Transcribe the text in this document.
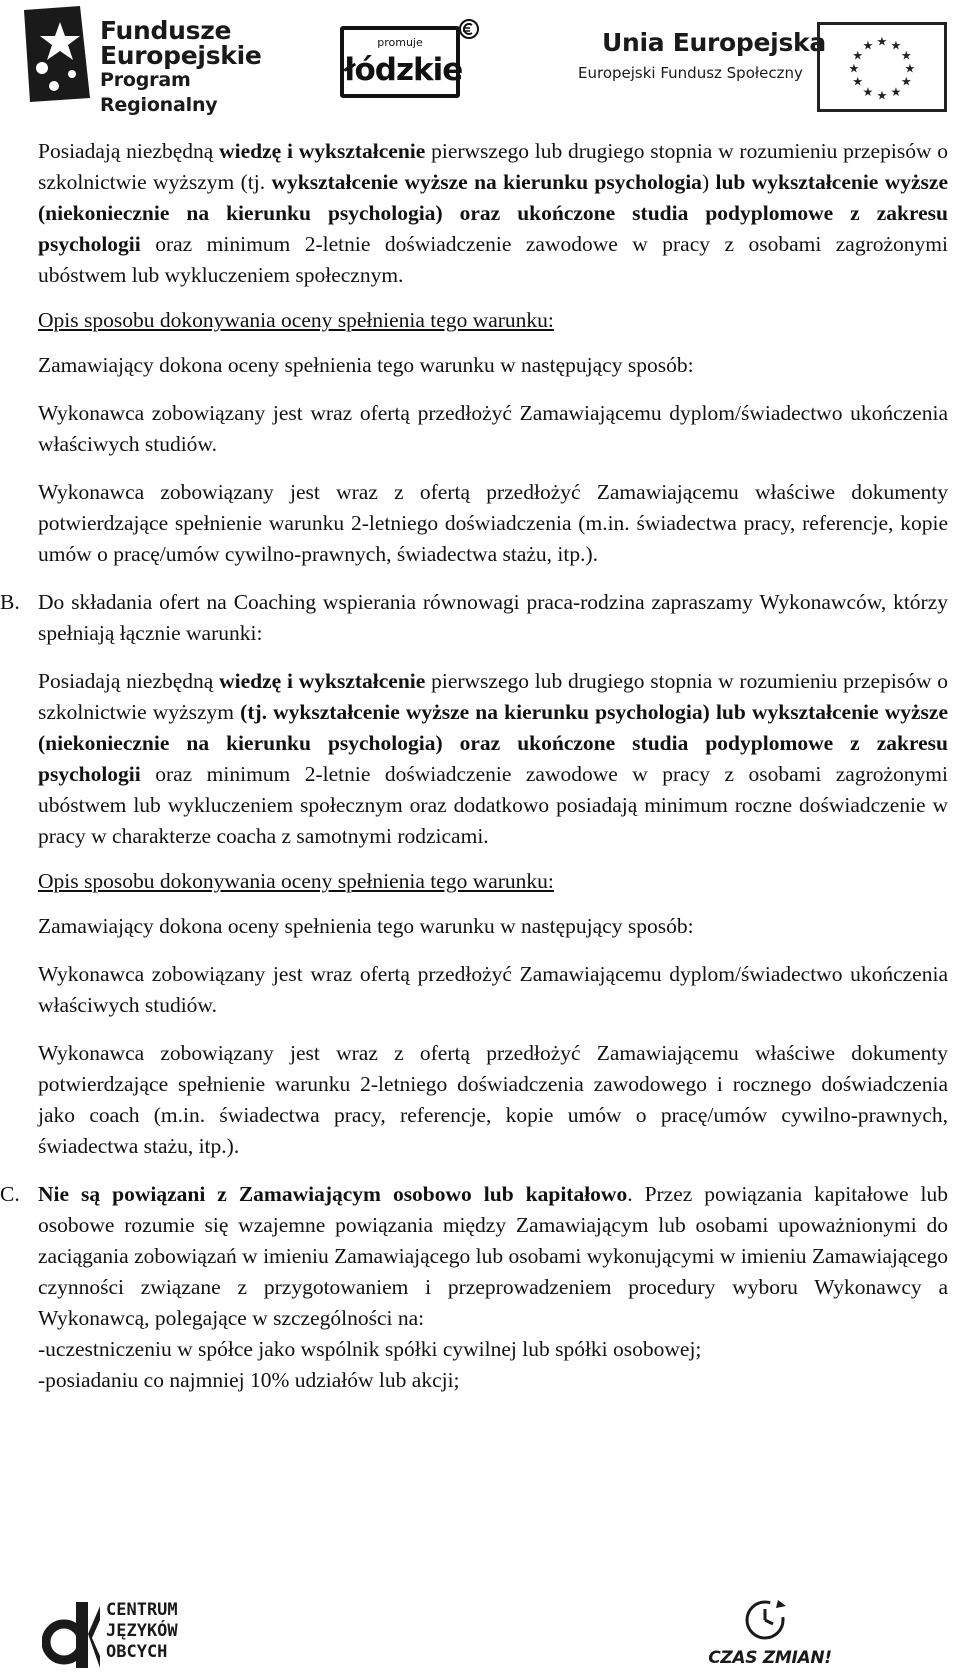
Fundusze
Europejskie
Program Regionalny
promuje
łódzkie
Unia Europejska
Europejski Fundusz Społeczny
★ ★
★
★
★
★
★
★
★
★
★
★

Posiadają niezbędną wiedzę i wykształcenie pierwszego lub drugiego stopnia w rozumieniu przepisów o szkolnictwie wyższym (tj. wykształcenie wyższe na kierunku psychologia) lub wykształcenie wyższe (niekoniecznie na kierunku psychologia) oraz ukończone studia podyplomowe z zakresu psychologii oraz minimum 2-letnie doświadczenie zawodowe w pracy z osobami zagrożonymi ubóstwem lub wykluczeniem społecznym.

Opis sposobu dokonywania oceny spełnienia tego warunku:

Zamawiający dokona oceny spełnienia tego warunku w następujący sposób:

Wykonawca zobowiązany jest wraz ofertą przedłożyć Zamawiającemu dyplom/świadectwo ukończenia właściwych studiów.

Wykonawca zobowiązany jest wraz z ofertą przedłożyć Zamawiającemu właściwe dokumenty potwierdzające spełnienie warunku 2-letniego doświadczenia (m.in. świadectwa pracy, referencje, kopie umów o pracę/umów cywilno-prawnych, świadectwa stażu, itp.).

B. Do składania ofert na Coaching wspierania równowagi praca-rodzina zapraszamy Wykonawców, którzy spełniają łącznie warunki:

Posiadają niezbędną wiedzę i wykształcenie pierwszego lub drugiego stopnia w rozumieniu przepisów o szkolnictwie wyższym (tj. wykształcenie wyższe na kierunku psychologia) lub wykształcenie wyższe (niekoniecznie na kierunku psychologia) oraz ukończone studia podyplomowe z zakresu psychologii oraz minimum 2-letnie doświadczenie zawodowe w pracy z osobami zagrożonymi ubóstwem lub wykluczeniem społecznym oraz dodatkowo posiadają minimum roczne doświadczenie w pracy w charakterze coacha z samotnymi rodzicami.

Opis sposobu dokonywania oceny spełnienia tego warunku:

Zamawiający dokona oceny spełnienia tego warunku w następujący sposób:

Wykonawca zobowiązany jest wraz ofertą przedłożyć Zamawiającemu dyplom/świadectwo ukończenia właściwych studiów.

Wykonawca zobowiązany jest wraz z ofertą przedłożyć Zamawiającemu właściwe dokumenty potwierdzające spełnienie warunku 2-letniego doświadczenia zawodowego i rocznego doświadczenia jako coach (m.in. świadectwa pracy, referencje, kopie umów o pracę/umów cywilno-prawnych, świadectwa stażu, itp.).

C. Nie są powiązani z Zamawiającym osobowo lub kapitałowo. Przez powiązania kapitałowe lub osobowe rozumie się wzajemne powiązania między Zamawiającym lub osobami upoważnionymi do zaciągania zobowiązań w imieniu Zamawiającego lub osobami wykonującymi w imieniu Zamawiającego czynności związane z przygotowaniem i przeprowadzeniem procedury wyboru Wykonawcy a Wykonawcą, polegające w szczególności na:

-uczestniczeniu w spółce jako wspólnik spółki cywilnej lub spółki osobowej;

-posiadaniu co najmniej 10% udziałów lub akcji;

CENTRUM
JĘZYKÓW
OBCYCH	CZAS ZMIAN!
